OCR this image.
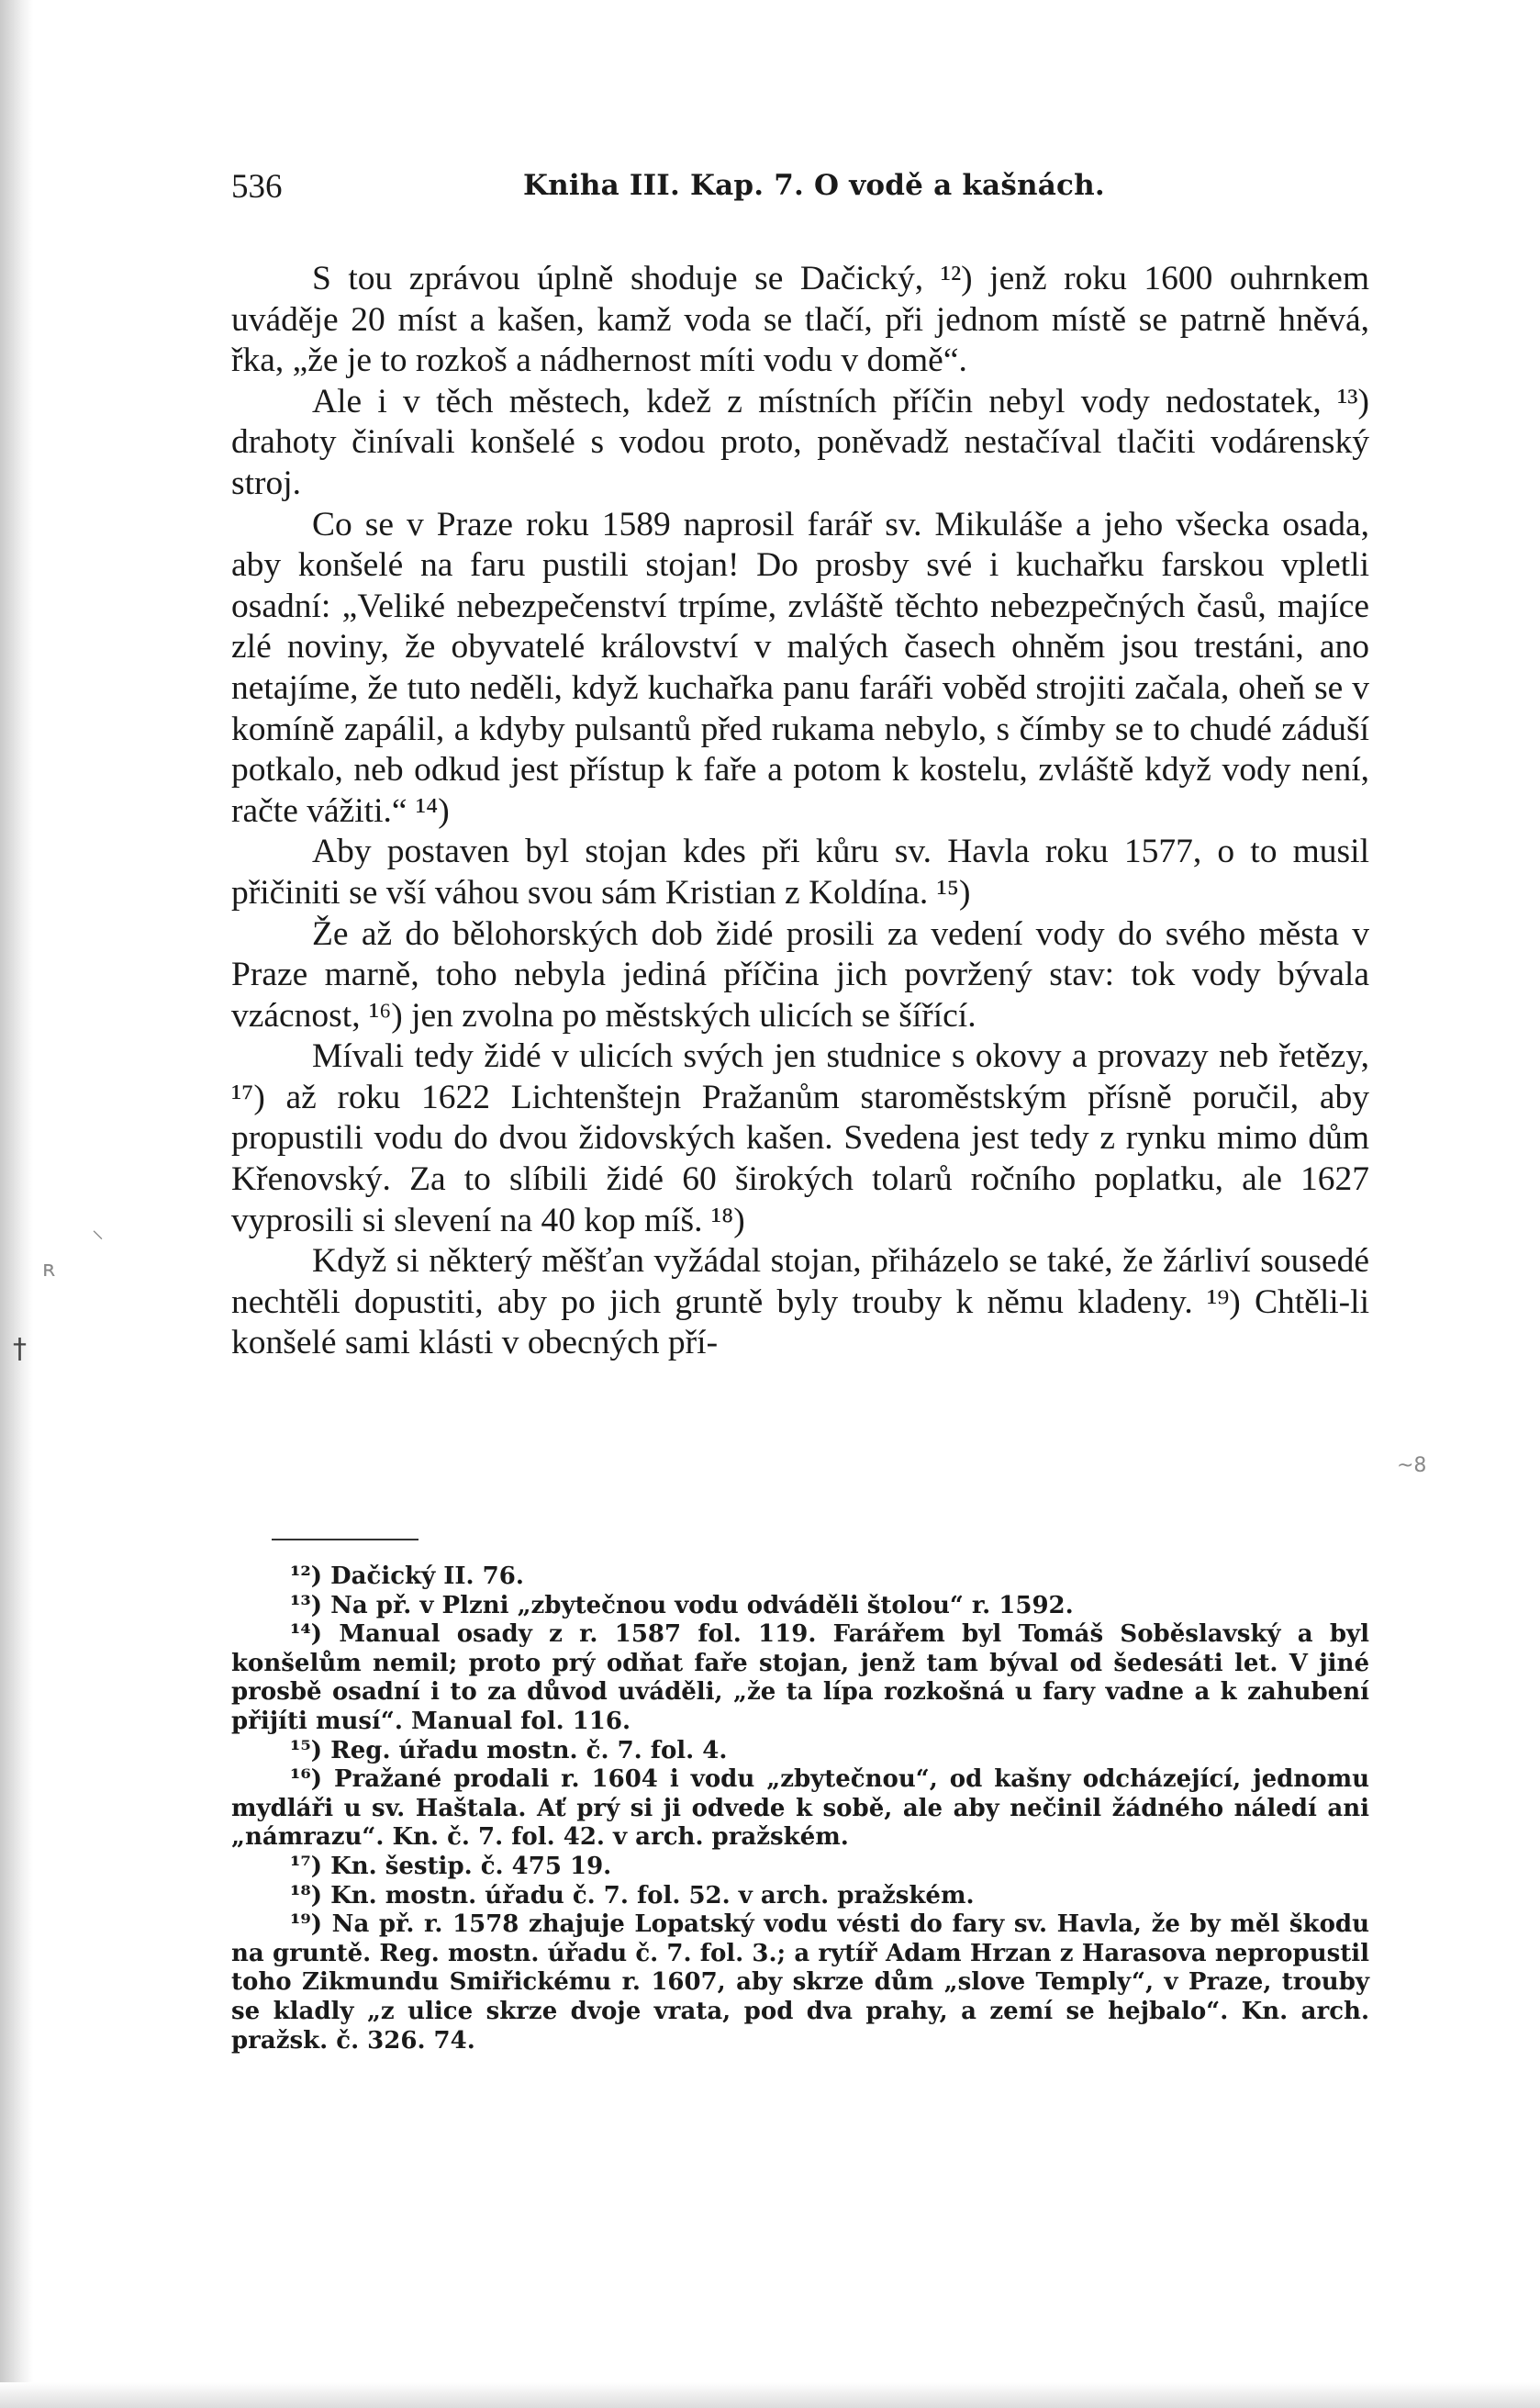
536	Kniha III. Kap. 7. O vodě a kašnách.

S tou zprávou úplně shoduje se Dačický, ¹²) jenž roku 1600 ouhrnkem uváděje 20 míst a kašen, kamž voda se tlačí, při jednom místě se patrně hněvá, řka, „že je to rozkoš a nádhernost míti vodu v domě“.

Ale i v těch městech, kdež z místních příčin nebyl vody nedostatek, ¹³) drahoty činívali konšelé s vodou proto, poněvadž nestačíval tlačiti vodárenský stroj.

Co se v Praze roku 1589 naprosil farář sv. Mikuláše a jeho všecka osada, aby konšelé na faru pustili stojan! Do prosby své i kuchařku farskou vpletli osadní: „Veliké nebezpečenství trpíme, zvláště těchto nebezpečných časů, majíce zlé noviny, že obyvatelé království v malých časech ohněm jsou trestáni, ano netajíme, že tuto neděli, když kuchařka panu faráři voběd strojiti začala, oheň se v komíně zapálil, a kdyby pulsantů před rukama nebylo, s čímby se to chudé záduší potkalo, neb odkud jest přístup k faře a potom k kostelu, zvláště když vody není, račte vážiti.“ ¹⁴)

Aby postaven byl stojan kdes při kůru sv. Havla roku 1577, o to musil přičiniti se vší váhou svou sám Kristian z Koldína. ¹⁵)

Že až do bělohorských dob židé prosili za vedení vody do svého města v Praze marně, toho nebyla jediná příčina jich povržený stav: tok vody bývala vzácnost, ¹⁶) jen zvolna po městských ulicích se šířící.

Mívali tedy židé v ulicích svých jen studnice s okovy a provazy neb řetězy, ¹⁷) až roku 1622 Lichtenštejn Pražanům staroměstským přísně poručil, aby propustili vodu do dvou židovských kašen. Svedena jest tedy z rynku mimo dům Křenovský. Za to slíbili židé 60 širokých tolarů ročního poplatku, ale 1627 vyprosili si slevení na 40 kop míš. ¹⁸)

Když si některý měšťan vyžádal stojan, přiházelo se také, že žárliví sousedé nechtěli dopustiti, aby po jich gruntě byly trouby k němu kladeny. ¹⁹) Chtěli-li konšelé sami klásti v obecných pří-

¹²) Dačický II. 76.

¹³) Na př. v Plzni „zbytečnou vodu odváděli štolou“ r. 1592.

¹⁴) Manual osady z r. 1587 fol. 119. Farářem byl Tomáš Soběslavský a byl konšelům nemil; proto prý odňat faře stojan, jenž tam býval od šedesáti let. V jiné prosbě osadní i to za důvod uváděli, „že ta lípa rozkošná u fary vadne a k zahubení přijíti musí“. Manual fol. 116.

¹⁵) Reg. úřadu mostn. č. 7. fol. 4.

¹⁶) Pražané prodali r. 1604 i vodu „zbytečnou“, od kašny odcházející, jednomu mydláři u sv. Haštala. Ať prý si ji odvede k sobě, ale aby nečinil žádného náledí ani „námrazu“. Kn. č. 7. fol. 42. v arch. pražském.

¹⁷) Kn. šestip. č. 475 19.

¹⁸) Kn. mostn. úřadu č. 7. fol. 52. v arch. pražském.

¹⁹) Na př. r. 1578 zhajuje Lopatský vodu vésti do fary sv. Havla, že by měl škodu na gruntě. Reg. mostn. úřadu č. 7. fol. 3.; a rytíř Adam Hrzan z Harasova nepropustil toho Zikmundu Smiřickému r. 1607, aby skrze dům „slove Temply“, v Praze, trouby se kladly „z ulice skrze dvoje vrata, pod dva prahy, a zemí se hejbalo“. Kn. arch. pražsk. č. 326. 74.

⸜
ʀ
†
~8
